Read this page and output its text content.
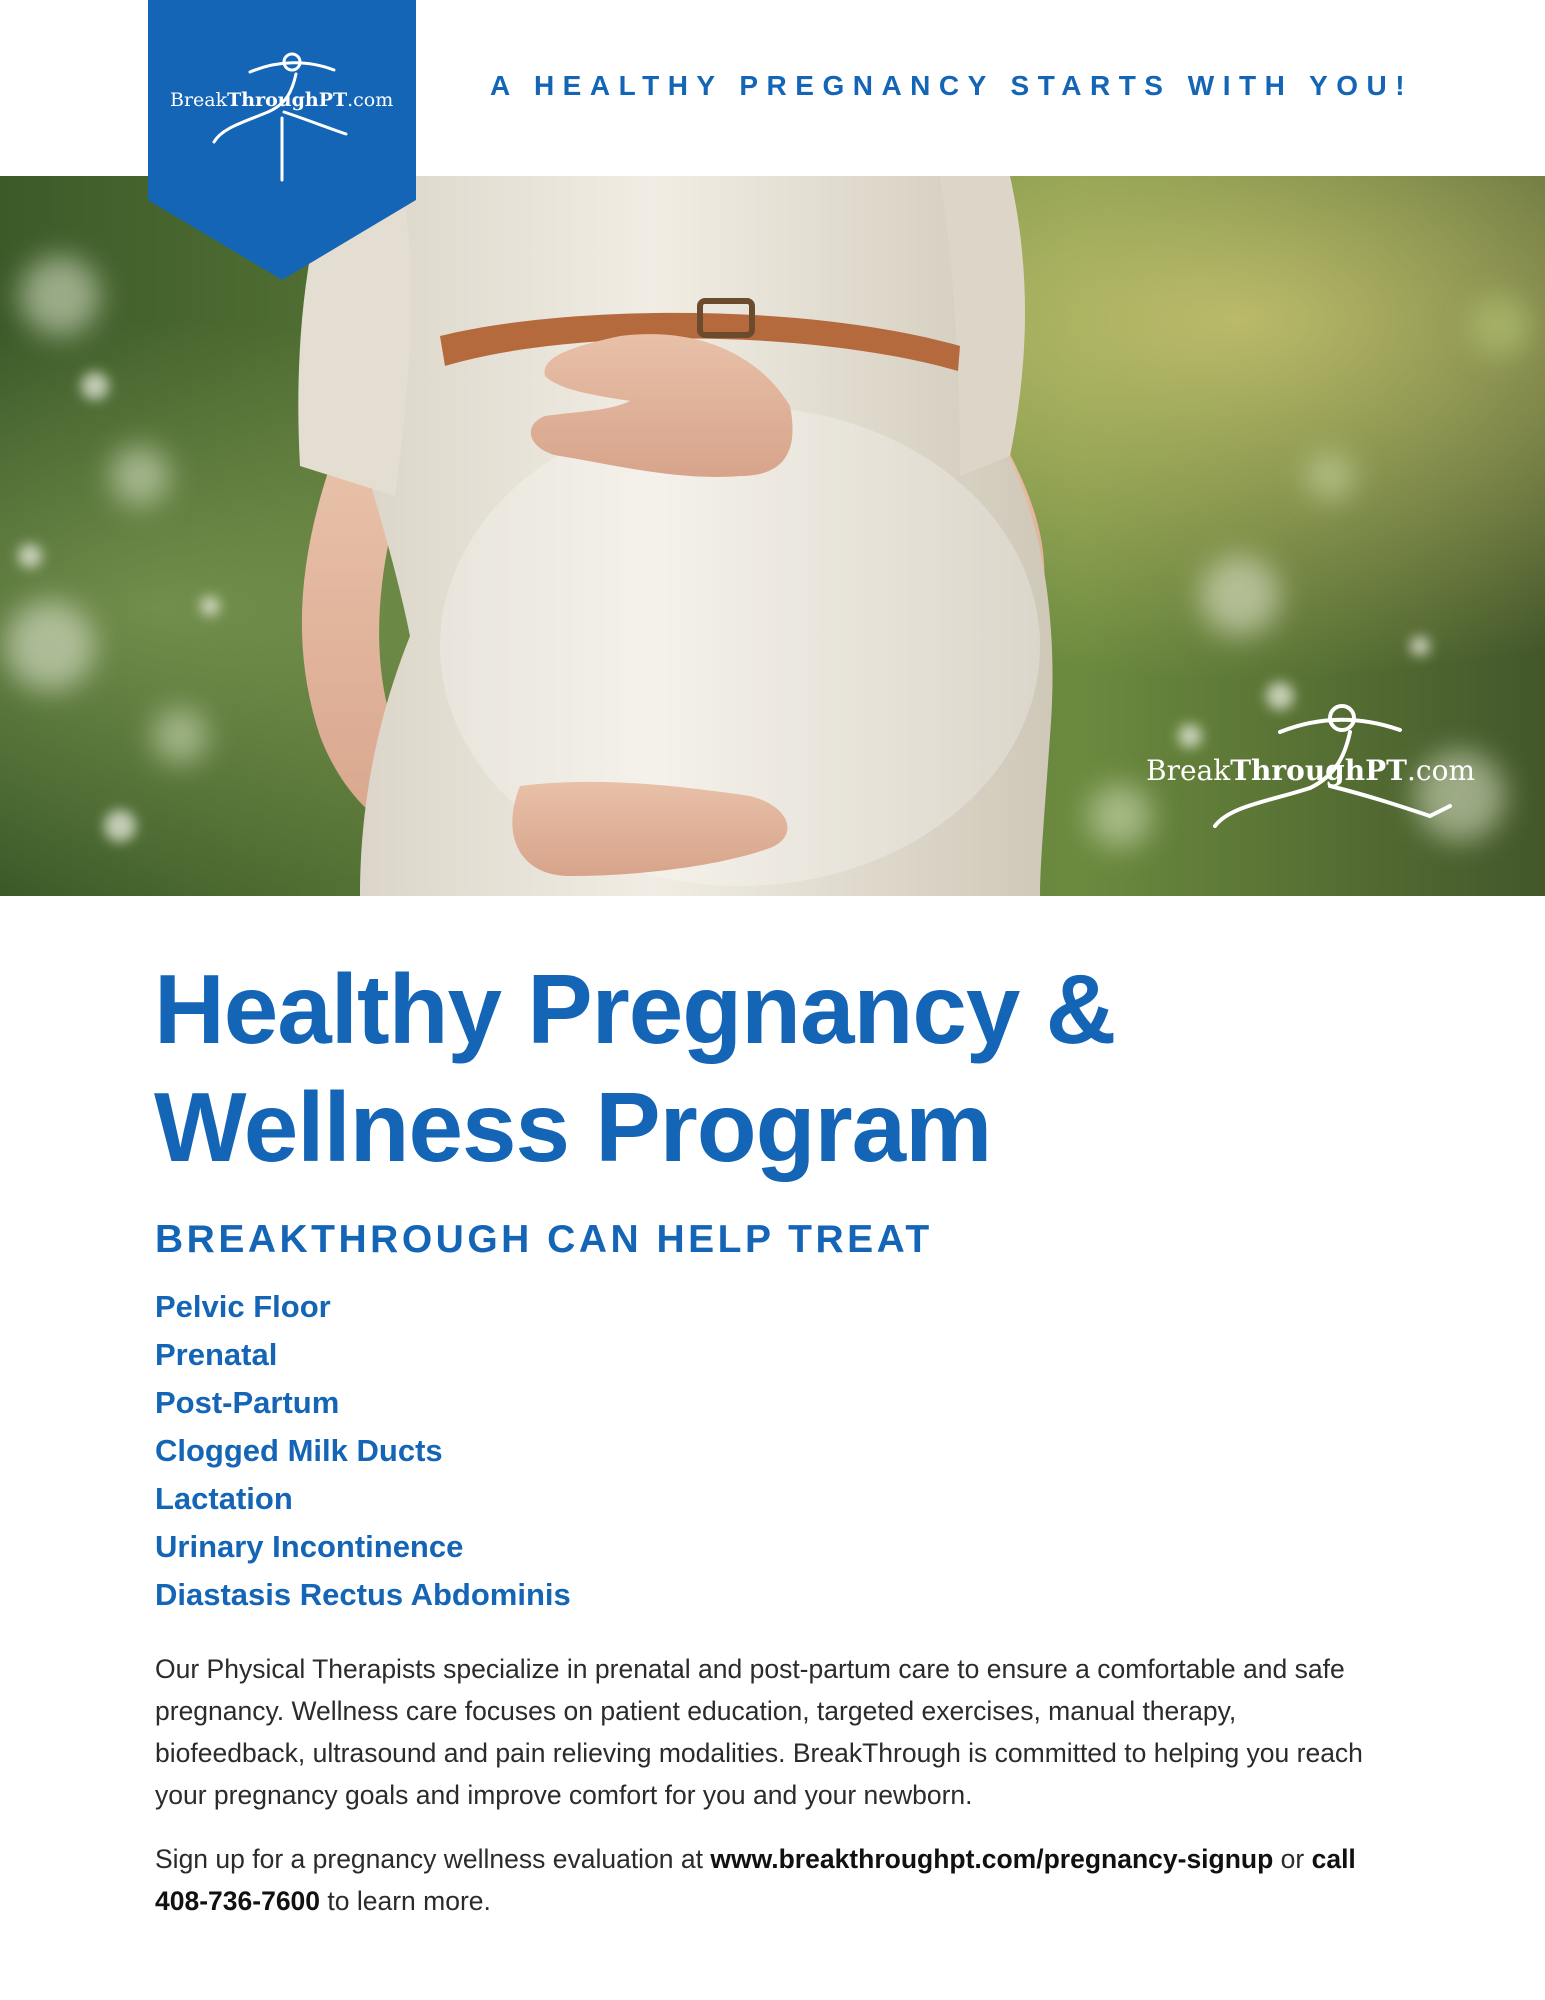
A HEALTHY PREGNANCY STARTS WITH YOU!
BreakThroughPT.com
BreakThroughPT.com
Healthy Pregnancy &
Wellness Program
BREAKTHROUGH CAN HELP TREAT
Pelvic Floor
Prenatal
Post-Partum
Clogged Milk Ducts
Lactation
Urinary Incontinence
Diastasis Rectus Abdominis

Our Physical Therapists specialize in prenatal and post-partum care to ensure a comfortable and safe pregnancy. Wellness care focuses on patient education, targeted exercises, manual therapy, biofeedback, ultrasound and pain relieving modalities. BreakThrough is committed to helping you reach your pregnancy goals and improve comfort for you and your newborn.

Sign up for a pregnancy wellness evaluation at www.breakthroughpt.com/pregnancy-signup or call 408-736-7600 to learn more.
